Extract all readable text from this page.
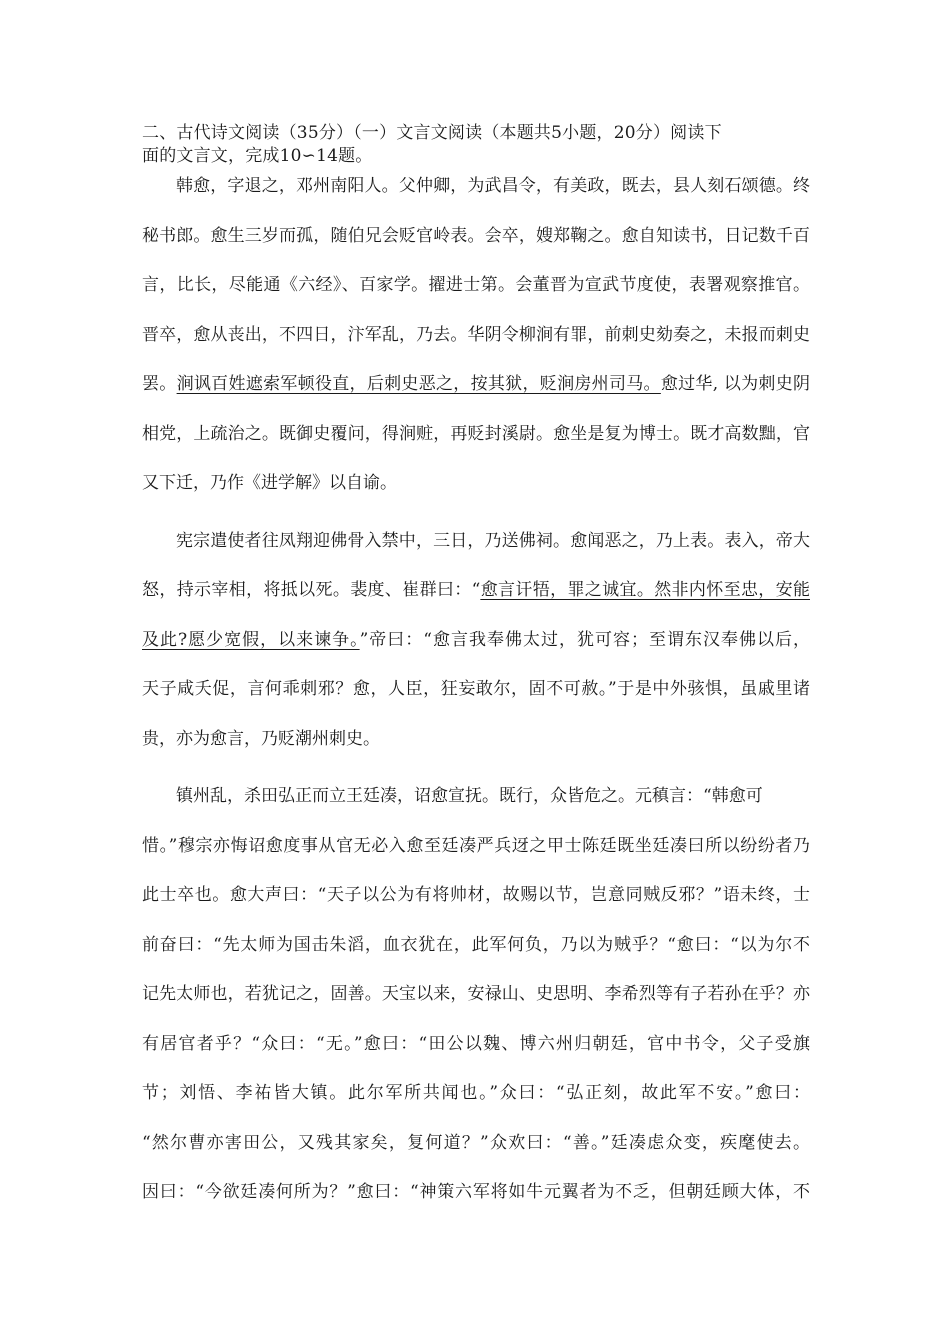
二、古代诗文阅读（35分）（一）文言文阅读（本题共5小题，20分）阅读下
面的文言文，完成10∽14题。
韩愈，字退之，邓州南阳人。父仲卿，为武昌令，有美政，既去，县人刻石颂德。终
秘书郎。愈生三岁而孤，随伯兄会贬官岭表。会卒，嫂郑鞠之。愈自知读书，日记数千百
言，比长，尽能通《六经》、百家学。擢进士第。会董晋为宣武节度使，表署观察推官。
晋卒，愈从丧出，不四日，汴军乱，乃去。华阴令柳涧有罪，前刺史劾奏之，未报而刺史
罢。涧讽百姓遮索军顿役直，后刺史恶之，按其狱，贬涧房州司马。愈过华, 以为刺史阴
相党，上疏治之。既御史覆问，得涧赃，再贬封溪尉。愈坐是复为博士。既才高数黜，官
又下迁，乃作《进学解》以自谕。
宪宗遣使者往凤翔迎佛骨入禁中，三日，乃送佛祠。愈闻恶之，乃上表。表入，帝大
怒，持示宰相，将抵以死。裴度、崔群曰：“愈言讦牾，罪之诚宜。然非内怀至忠，安能
及此?愿少宽假，以来谏争。”帝曰：“愈言我奉佛太过，犹可容；至谓东汉奉佛以后，
天子咸夭促，言何乖刺邪？愈，人臣，狂妄敢尔，固不可赦。”于是中外骇惧，虽戚里诸
贵，亦为愈言，乃贬潮州刺史。
镇州乱，杀田弘正而立王廷凑，诏愈宣抚。既行，众皆危之。元稹言：“韩愈可
惜。”穆宗亦悔诏愈度事从官无必入愈至廷凑严兵迓之甲士陈廷既坐廷凑曰所以纷纷者乃
此士卒也。愈大声曰：“天子以公为有将帅材，故赐以节，岂意同贼反邪？”语未终，士
前奋曰：“先太师为国击朱滔，血衣犹在，此军何负，乃以为贼乎？“愈曰：“以为尔不
记先太师也，若犹记之，固善。天宝以来，安禄山、史思明、李希烈等有子若孙在乎？亦
有居官者乎？“众曰：“无。”愈曰：“田公以魏、博六州归朝廷，官中书令，父子受旗
节；刘悟、李祐皆大镇。此尔军所共闻也。”众曰：“弘正刻，故此军不安。”愈曰：
“然尔曹亦害田公，又残其家矣，复何道？”众欢曰：“善。”廷凑虑众变，疾麾使去。
因曰：“今欲廷凑何所为？”愈曰：“神策六军将如牛元翼者为不乏，但朝廷顾大体，不
